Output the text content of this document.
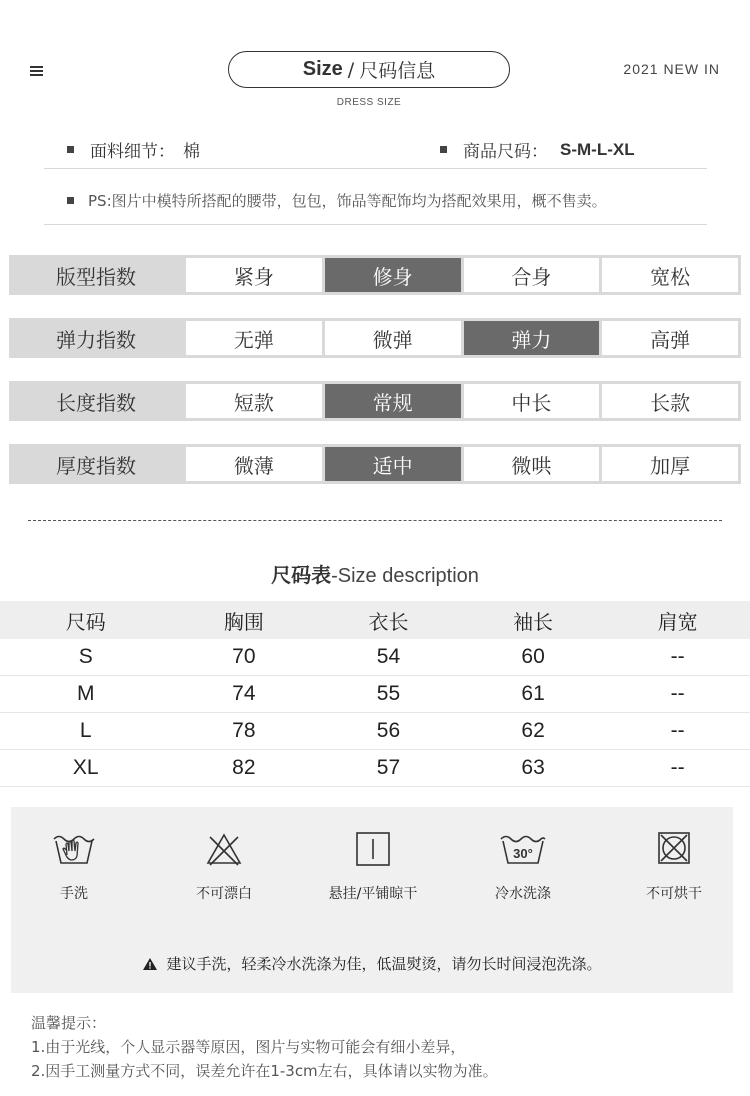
Size / 尺码信息
DRESS SIZE
2021 NEW IN
面料细节： 棉	商品尺码： S-M-L-XL
PS:图片中模特所搭配的腰带，包包，饰品等配饰均为搭配效果用，概不售卖。
版型指数	紧身	修身	合身	宽松
弹力指数	无弹	微弹	弹力	高弹
长度指数	短款	常规	中长	长款
厚度指数	微薄	适中	微哄	加厚
尺码表-Size description
尺码	胸围	衣长	袖长	肩宽
S	70	54	60	--
M	74	55	61	--
L	78	56	62	--
XL	82	57	63	--
手洗	不可漂白	悬挂/平铺晾干
30°
冷水洗涤	不可烘干
建议手洗，轻柔冷水洗涤为佳，低温熨烫，请勿长时间浸泡洗涤。
温馨提示：
1.由于光线，个人显示器等原因，图片与实物可能会有细小差异，
2.因手工测量方式不同，误差允许在1-3cm左右，具体请以实物为准。
